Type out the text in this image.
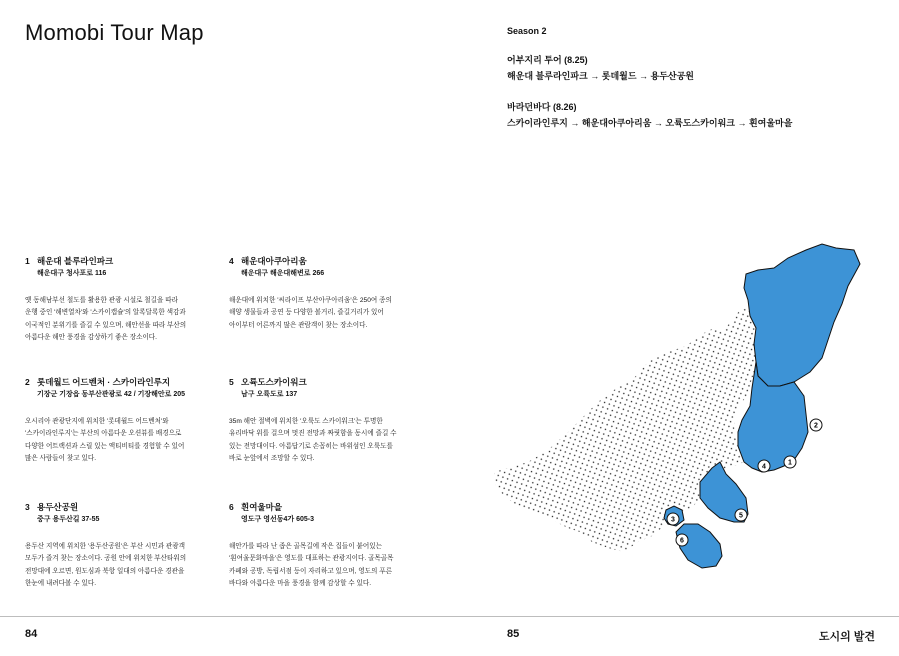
Momobi Tour Map	Season 2
어부지리 투어 (8.25)
해운대 블루라인파크 → 롯데월드 → 용두산공원
바라던바다 (8.26)
스카이라인루지 → 해운대아쿠아리움 → 오륙도스카이워크 → 흰여울마을
1 해운대 블루라인파크
해운대구 청사포로 116
옛 동해남부선 철도를 활용한 관광 시설로 철길을 따라
운행 중인 '해변열차'와 '스카이캡슐'의 알록달록한 색감과
이국적인 분위기를 즐길 수 있으며, 해안선을 따라 부산의
아름다운 해안 풍경을 감상하기 좋은 장소이다.
2 롯데월드 어드벤처 · 스카이라인루지
기장군 기장읍 동부산관광로 42 / 기장해안로 205
오시리아 관광단지에 위치한 '롯데월드 어드벤처'와
'스카이라인루지'는 부산의 아름다운 오션뷰를 배경으로
다양한 어트랙션과 스릴 있는 액티비티를 경험할 수 있어
많은 사람들이 찾고 있다.
3 용두산공원
중구 용두산길 37-55
용두산 지역에 위치한 '용두산공원'은 부산 시민과 관광객
모두가 즐겨 찾는 장소이다. 공원 안에 위치한 부산타워의
전망대에 오르면, 원도심과 북항 일대의 아름다운 경관을
한눈에 내려다볼 수 있다.
4 해운대아쿠아리움
해운대구 해운대해변로 266
해운대에 위치한 '씨라이프 부산아쿠아리움'은 250여 종의
해양 생물들과 공연 등 다양한 볼거리, 즐길거리가 있어
아이부터 어른까지 많은 관람객이 찾는 장소이다.
5 오륙도스카이워크
남구 오륙도로 137
35m 해안 절벽에 위치한 '오륙도 스카이워크'는 투명한
유리바닥 위를 걸으며 멋진 전망과 짜릿함을 동시에 즐길 수
있는 전망대이다. 아름답기로 손꼽히는 바위섬인 오륙도를
바로 눈앞에서 조망할 수 있다.
6 흰여울마을
영도구 영선동4가 605-3
해안가를 따라 난 좁은 골목길에 작은 집들이 붙어있는
'흰여울문화마을'은 영도를 대표하는 관광지이다. 골목골목
카페와 공방, 독립서점 등이 자리하고 있으며, 영도의 푸른
바다와 아름다운 마을 풍경을 함께 감상할 수 있다.
1
2
3
4
5
6
84	85	도시의 발견
